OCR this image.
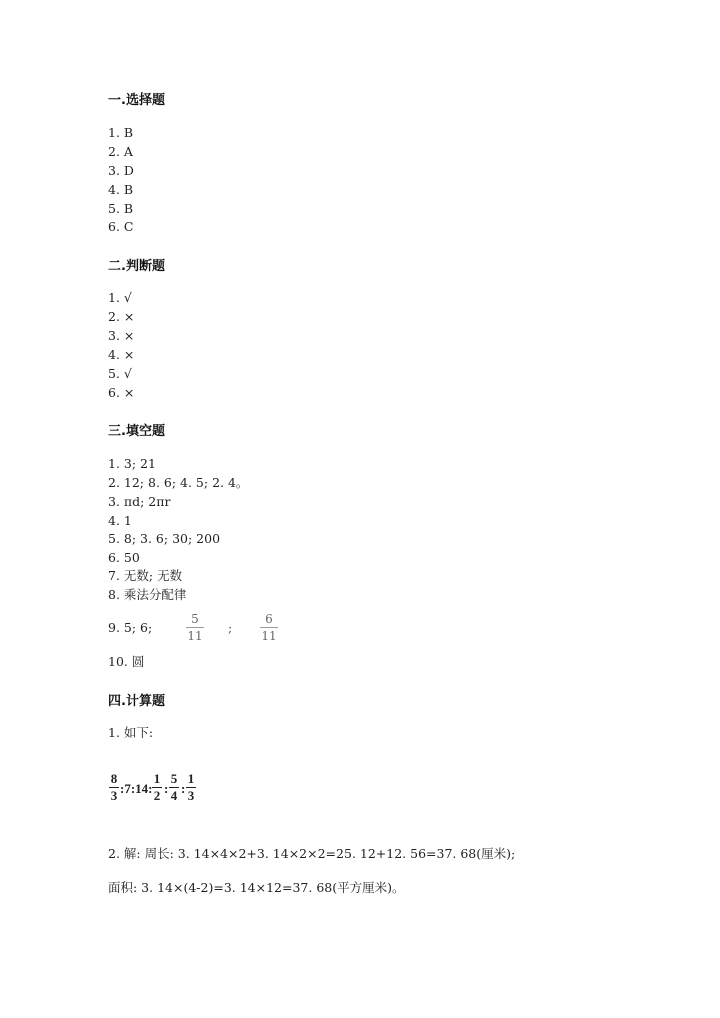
一.选择题
1. B
2. A
3. D
4. B
5. B
6. C
二.判断题
1. √
2. ×
3. ×
4. ×
5. √
6. ×
三.填空题
1. 3; 21
2. 12; 8. 6; 4. 5; 2. 4。
3. πd; 2πr
4. 1
5. 8; 3. 6; 30; 200
6. 50
7. 无数; 无数
8. 乘法分配律
9. 5; 6;
5
11
;
6
11
10. 圆
四.计算题
1. 如下:
8
3 :7:14:
1
2 :
5
4 :
1
3
2. 解: 周长: 3. 14×4×2+3. 14×2×2=25. 12+12. 56=37. 68(厘米);
面积: 3. 14×(4-2)=3. 14×12=37. 68(平方厘米)。
